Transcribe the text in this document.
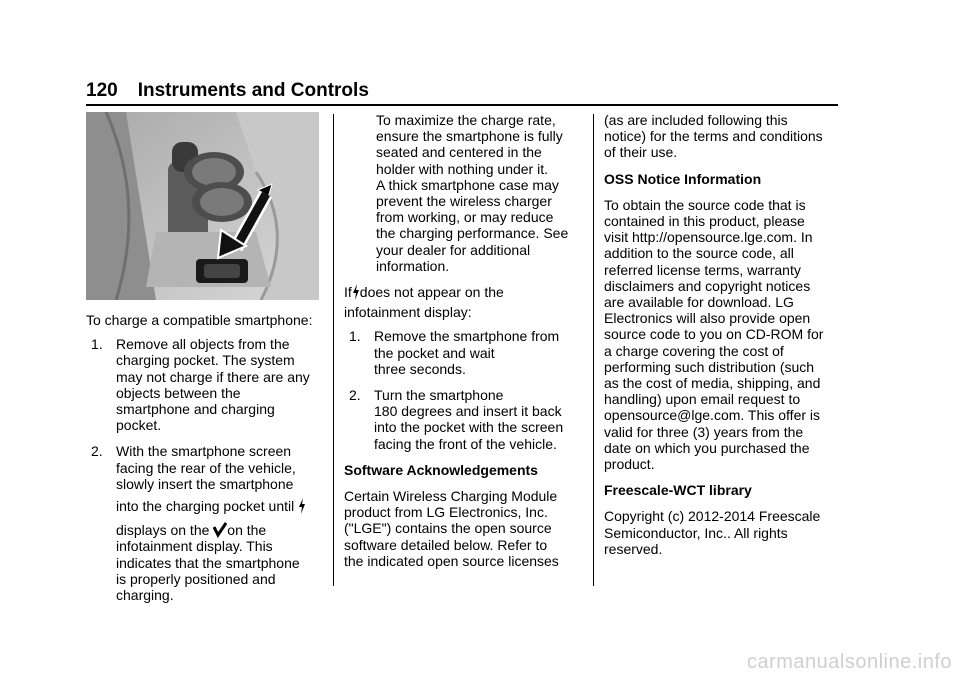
120 Instruments and Controls

To charge a compatible smartphone:

1. Remove all objects from the
charging pocket. The system
may not charge if there are any
objects between the
smartphone and charging
pocket.
2. With the smartphone screen
facing the rear of the vehicle,
slowly insert the smartphone
into the charging pocket until
displays on the on the
infotainment display. This
indicates that the smartphone
is properly positioned and
charging.
To maximize the charge rate,
ensure the smartphone is fully
seated and centered in the
holder with nothing under it.
A thick smartphone case may
prevent the wireless charger
from working, or may reduce
the charging performance. See
your dealer for additional
information.
If does not appear on the
infotainment display:
1. Remove the smartphone from
the pocket and wait
three seconds.
2. Turn the smartphone
180 degrees and insert it back
into the pocket with the screen
facing the front of the vehicle.

Software Acknowledgements

Certain Wireless Charging Module
product from LG Electronics, Inc.
("LGE") contains the open source
software detailed below. Refer to
the indicated open source licenses
(as are included following this
notice) for the terms and conditions
of their use.

OSS Notice Information

To obtain the source code that is
contained in this product, please
visit http://opensource.lge.com. In
addition to the source code, all
referred license terms, warranty
disclaimers and copyright notices
are available for download. LG
Electronics will also provide open
source code to you on CD-ROM for
a charge covering the cost of
performing such distribution (such
as the cost of media, shipping, and
handling) upon email request to
opensource@lge.com. This offer is
valid for three (3) years from the
date on which you purchased the
product.

Freescale-WCT library

Copyright (c) 2012-2014 Freescale
Semiconductor, Inc.. All rights
reserved.
carmanualsonline.info
